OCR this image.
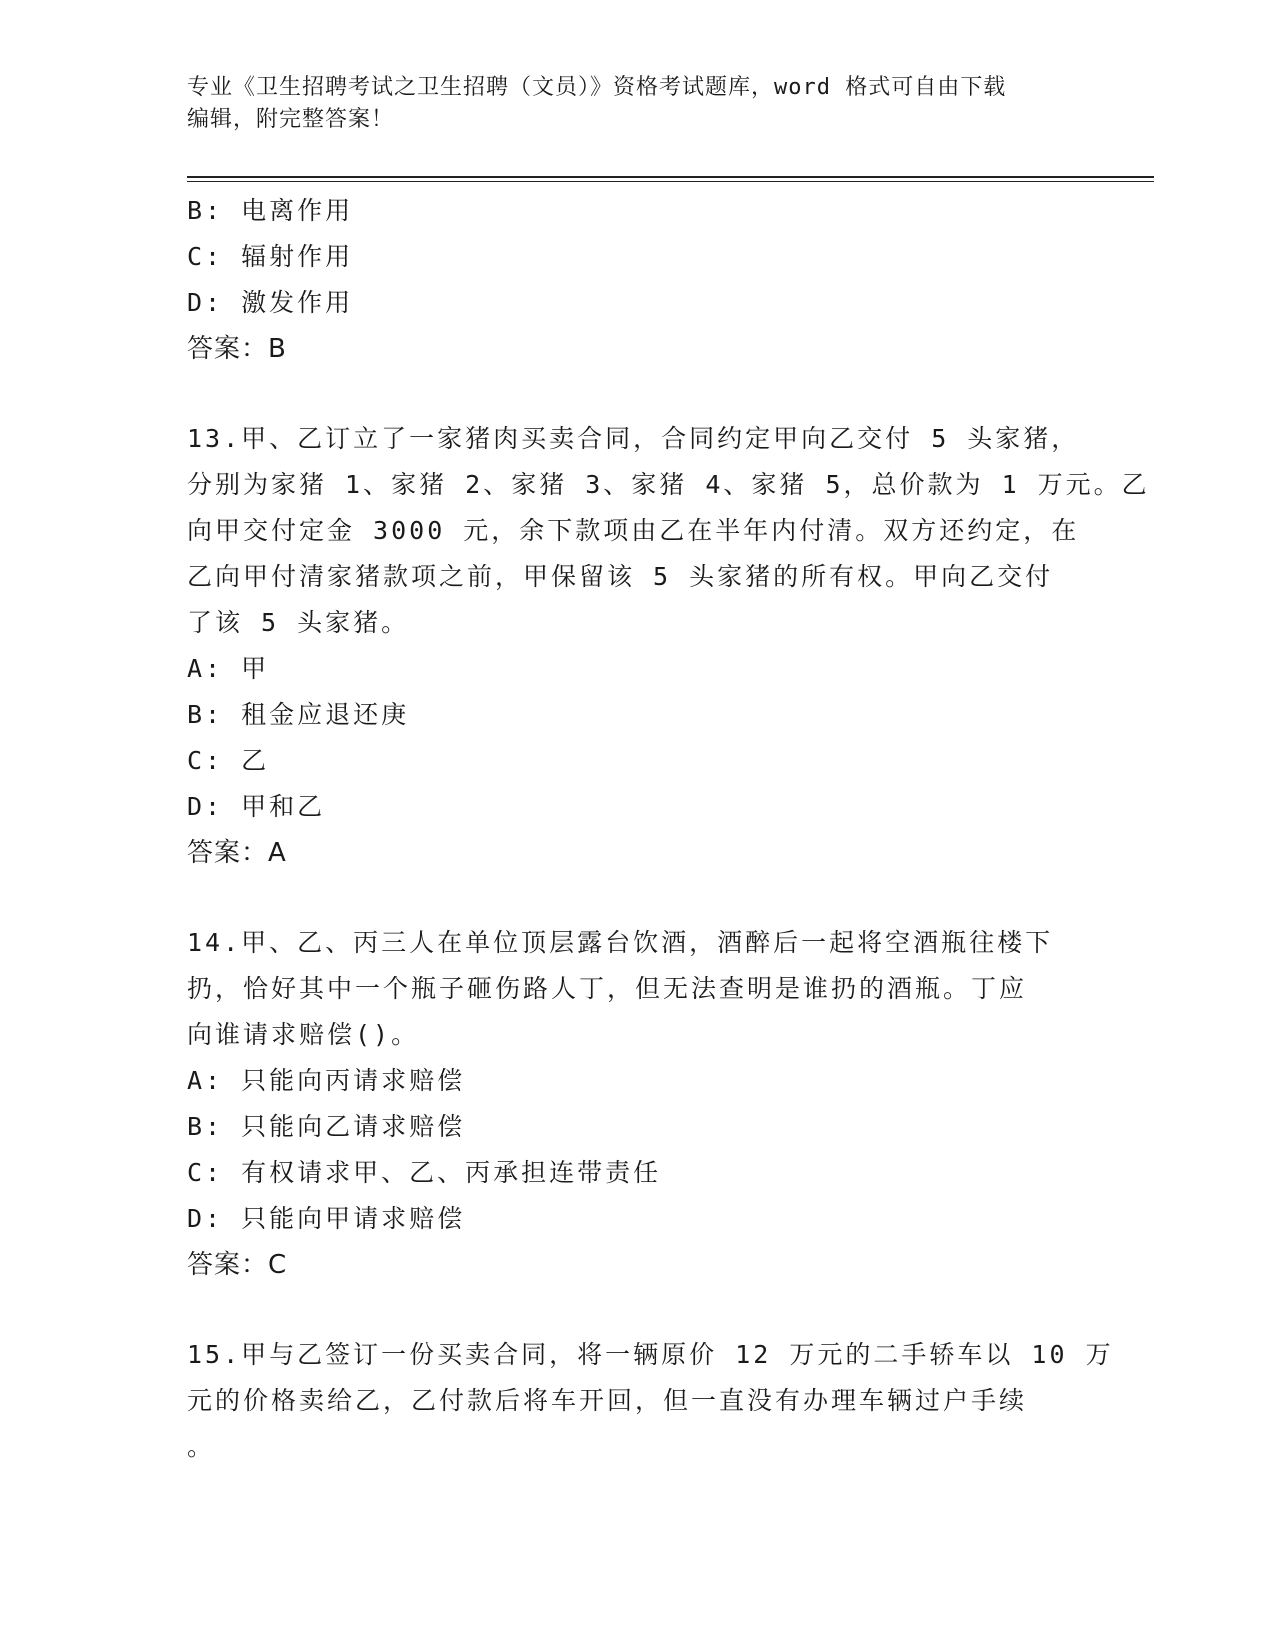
专业《卫生招聘考试之卫生招聘（文员）》资格考试题库，word 格式可自由下载
编辑，附完整答案！
B: 电离作用
C: 辐射作用
D: 激发作用
答案：B
13.甲、乙订立了一家猪肉买卖合同，合同约定甲向乙交付 5 头家猪，
分别为家猪 1、家猪 2、家猪 3、家猪 4、家猪 5，总价款为 1 万元。乙
向甲交付定金 3000 元，余下款项由乙在半年内付清。双方还约定，在
乙向甲付清家猪款项之前，甲保留该 5 头家猪的所有权。甲向乙交付
了该 5 头家猪。
A: 甲
B: 租金应退还庚
C: 乙
D: 甲和乙
答案：A
14.甲、乙、丙三人在单位顶层露台饮酒，酒醉后一起将空酒瓶往楼下
扔，恰好其中一个瓶子砸伤路人丁，但无法查明是谁扔的酒瓶。丁应
向谁请求赔偿()。
A: 只能向丙请求赔偿
B: 只能向乙请求赔偿
C: 有权请求甲、乙、丙承担连带责任
D: 只能向甲请求赔偿
答案：C
15.甲与乙签订一份买卖合同，将一辆原价 12 万元的二手轿车以 10 万
元的价格卖给乙，乙付款后将车开回，但一直没有办理车辆过户手续
。
